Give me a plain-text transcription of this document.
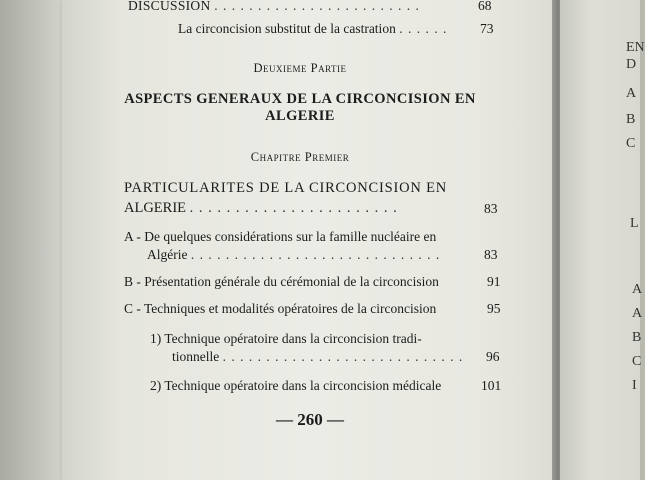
DISCUSSION . . . . . . . . . . . . . . . . . . . . . . . .	68
La circoncision substitut de la castration . . . . . . 73
Deuxieme Partie
ASPECTS GENERAUX DE LA CIRCONCISION EN
ALGERIE
Chapitre Premier
PARTICULARITES DE LA CIRCONCISION EN
ALGERIE . . . . . . . . . . . . . . . . . . . . . . .	83
A - De quelques considérations sur la famille nucléaire en
Algérie . . . . . . . . . . . . . . . . . . . . . . . . . . . . .	83
B - Présentation générale du cérémonial de la circoncision	91
C - Techniques et modalités opératoires de la circoncision	95
1) Technique opératoire dans la circoncision tradi-
tionnelle . . . . . . . . . . . . . . . . . . . . . . . . . . . . 96
2) Technique opératoire dans la circoncision médicale	101
— 260 —
EN
D
A
B
C
L
A
A
B
C
I
